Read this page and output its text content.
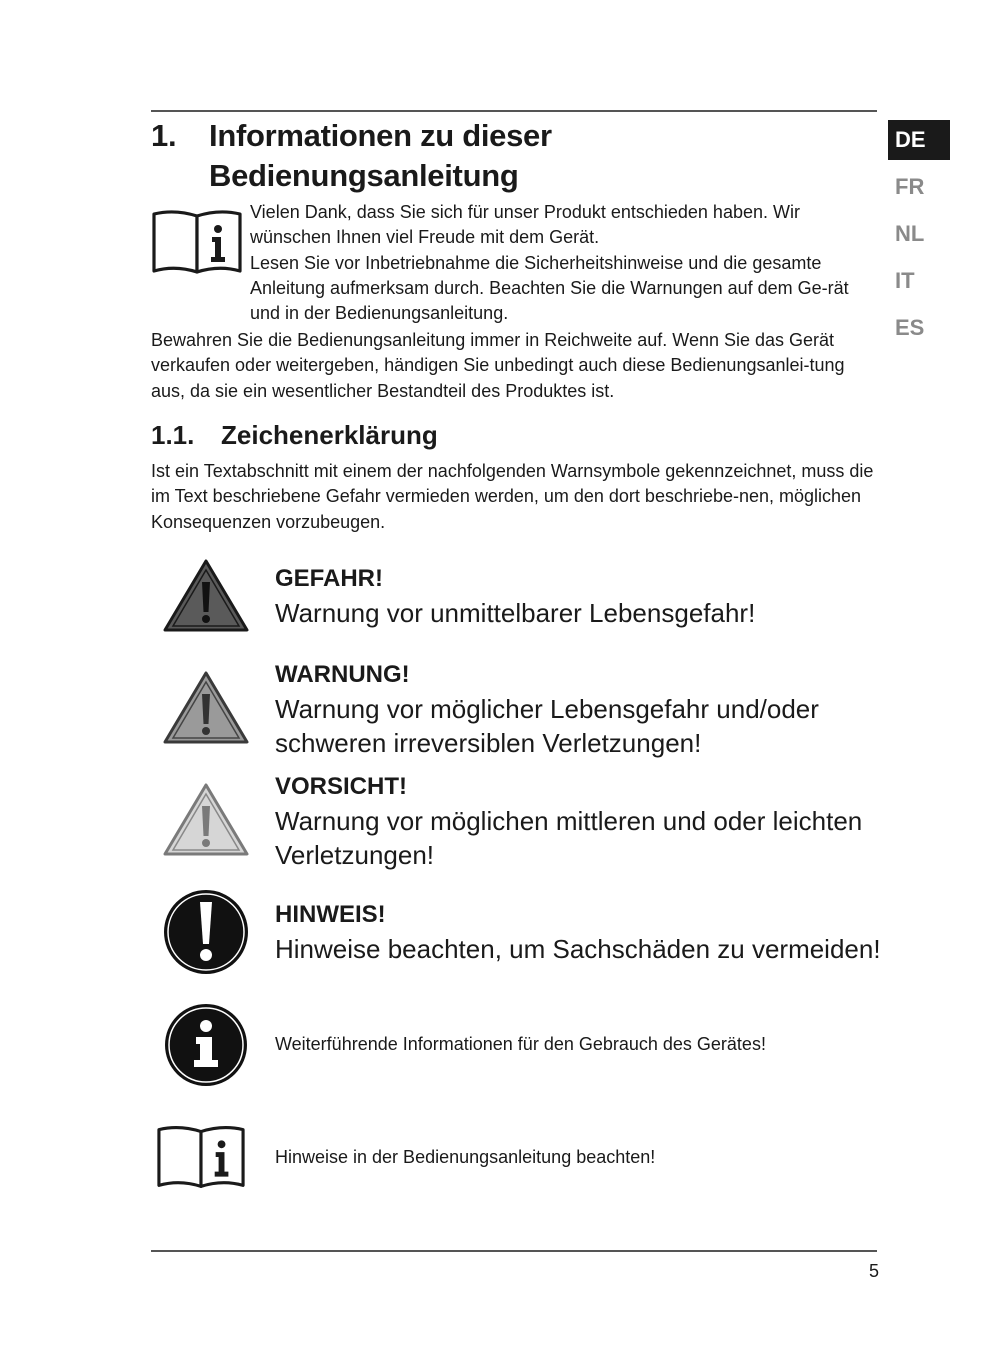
1. Informationen zu dieser Bedienungsanleitung

Vielen Dank, dass Sie sich für unser Produkt entschieden haben. Wir wünschen Ihnen viel Freude mit dem Gerät.

Lesen Sie vor Inbetriebnahme die Sicherheitshinweise und die gesamte Anleitung aufmerksam durch. Beachten Sie die Warnungen auf dem Ge-rät und in der Bedienungsanleitung.

Bewahren Sie die Bedienungsanleitung immer in Reichweite auf. Wenn Sie das Gerät verkaufen oder weitergeben, händigen Sie unbedingt auch diese Bedienungsanlei-tung aus, da sie ein wesentlicher Bestandteil des Produktes ist.

1.1. Zeichenerklärung

Ist ein Textabschnitt mit einem der nachfolgenden Warnsymbole gekennzeichnet, muss die im Text beschriebene Gefahr vermieden werden, um den dort beschriebe-nen, möglichen Konsequenzen vorzubeugen.

GEFAHR!
Warnung vor unmittelbarer Lebensgefahr!
WARNUNG!
Warnung vor möglicher Lebensgefahr und/oder schweren irreversiblen Verletzungen!
VORSICHT!
Warnung vor möglichen mittleren und oder leichten Verletzungen!
HINWEIS!
Hinweise beachten, um Sachschäden zu vermeiden!
Weiterführende Informationen für den Gebrauch des Gerätes!
Hinweise in der Bedienungsanleitung beachten!
DE
FR
NL
IT
ES
5
